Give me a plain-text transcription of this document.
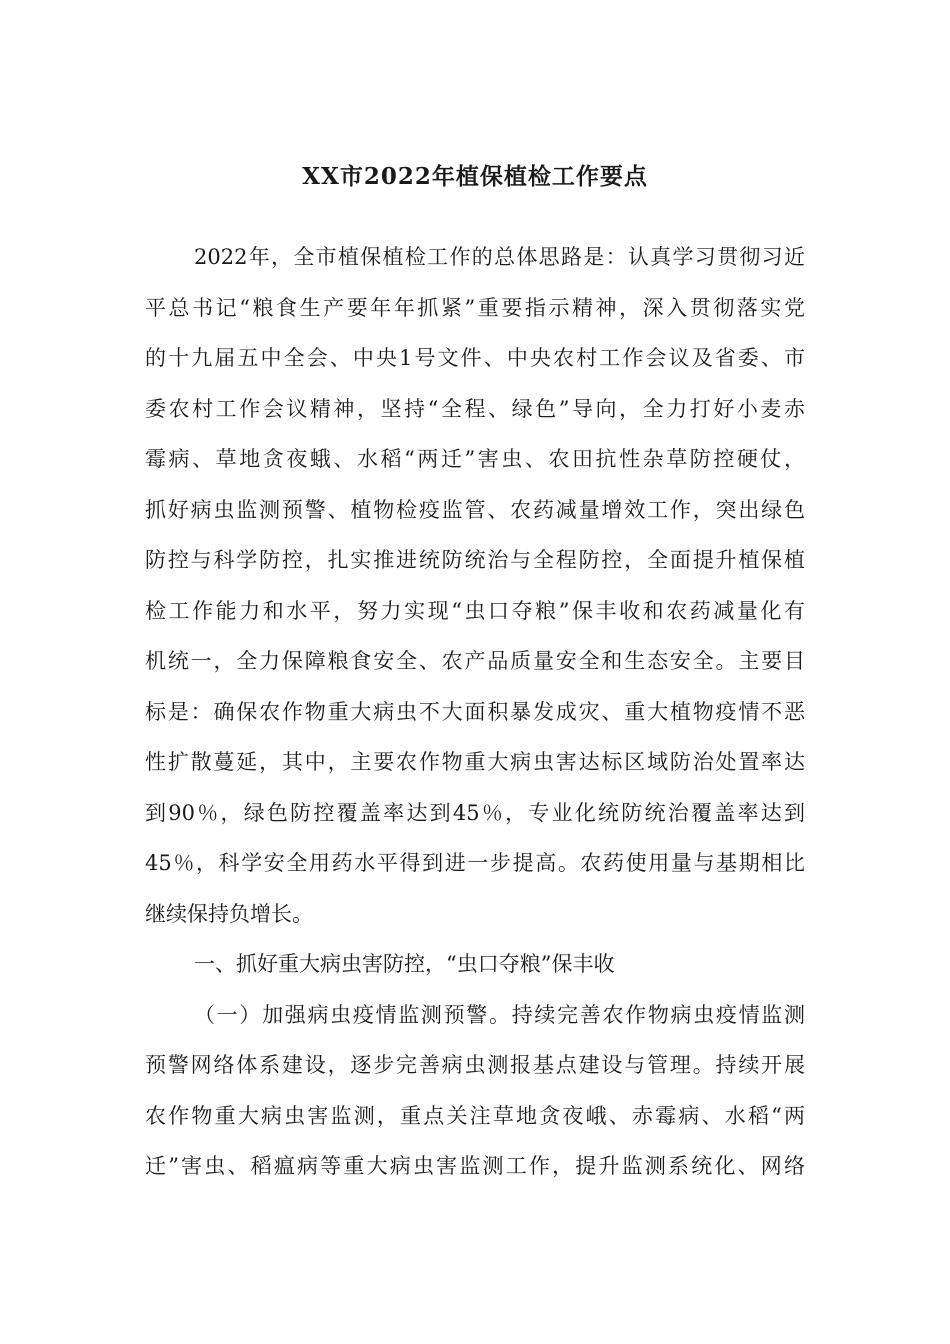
XX市2022年植保植检工作要点
2022年，全市植保植检工作的总体思路是：认真学习贯彻习近
平总书记“粮食生产要年年抓紧”重要指示精神，深入贯彻落实党
的十九届五中全会、中央1号文件、中央农村工作会议及省委、市
委农村工作会议精神，坚持“全程、绿色”导向，全力打好小麦赤
霉病、草地贪夜蛾、水稻“两迁”害虫、农田抗性杂草防控硬仗，
抓好病虫监测预警、植物检疫监管、农药减量增效工作，突出绿色
防控与科学防控，扎实推进统防统治与全程防控，全面提升植保植
检工作能力和水平，努力实现“虫口夺粮”保丰收和农药减量化有
机统一，全力保障粮食安全、农产品质量安全和生态安全。主要目
标是：确保农作物重大病虫不大面积暴发成灾、重大植物疫情不恶
性扩散蔓延，其中，主要农作物重大病虫害达标区域防治处置率达
到90％，绿色防控覆盖率达到45％，专业化统防统治覆盖率达到
45％，科学安全用药水平得到进一步提高。农药使用量与基期相比
继续保持负增长。
一、抓好重大病虫害防控，“虫口夺粮”保丰收
（一）加强病虫疫情监测预警。持续完善农作物病虫疫情监测
预警网络体系建设，逐步完善病虫测报基点建设与管理。持续开展
农作物重大病虫害监测，重点关注草地贪夜峨、赤霉病、水稻“两
迁”害虫、稻瘟病等重大病虫害监测工作，提升监测系统化、网络
